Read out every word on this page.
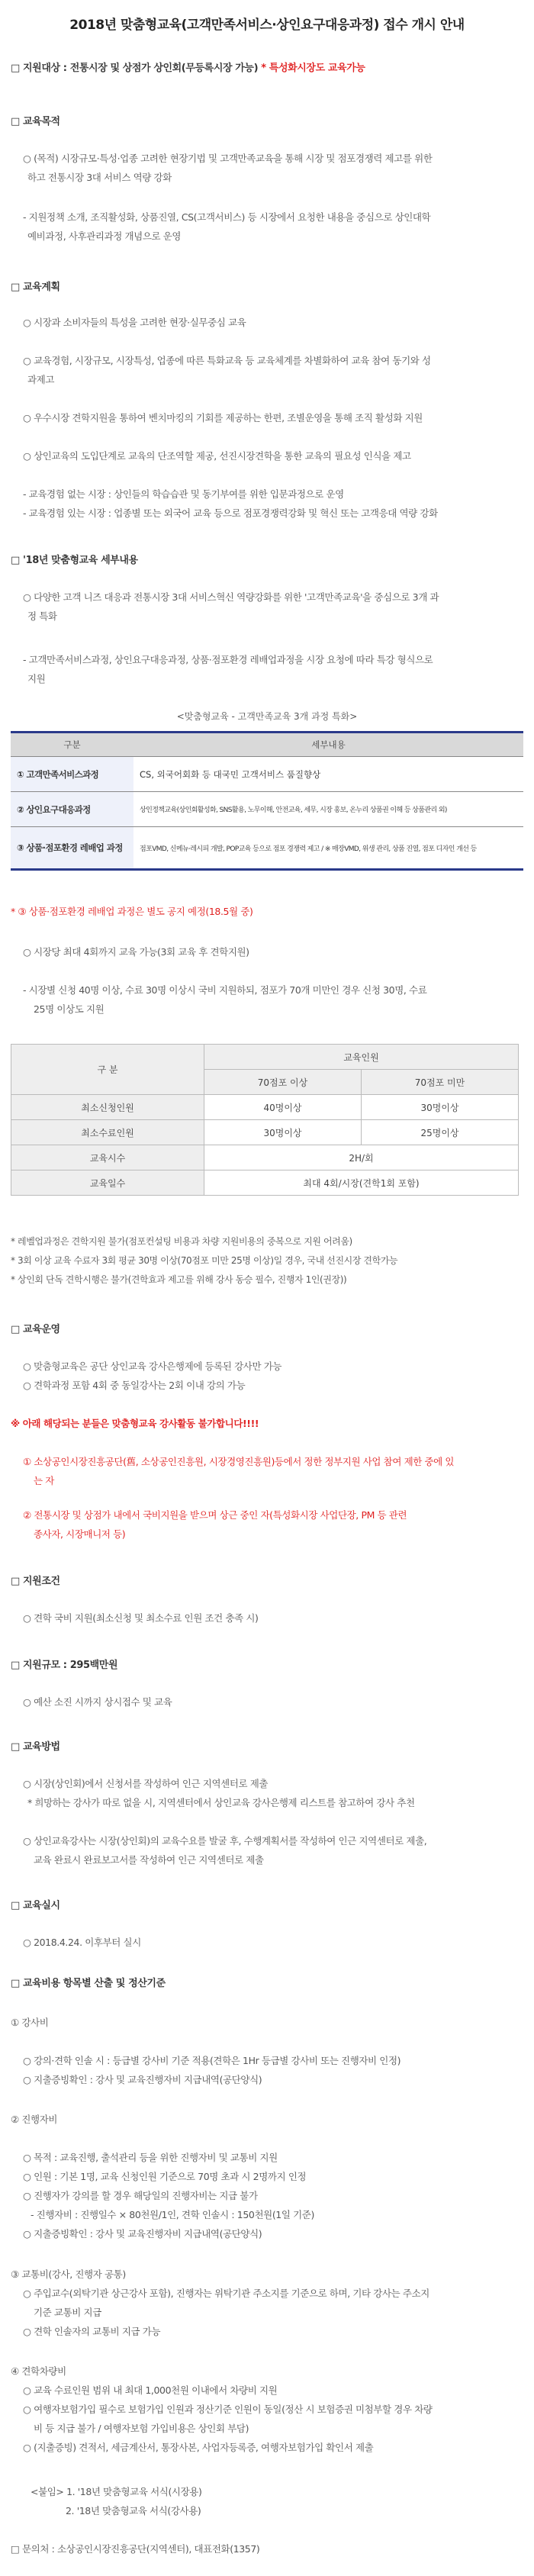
2018년 맞춤형교육(고객만족서비스·상인요구대응과정) 접수 개시 안내
□ 지원대상 : 전통시장 및 상점가 상인회(무등록시장 가능) * 특성화시장도 교육가능
□ 교육목적
○ (목적) 시장규모·특성·업종 고려한 현장기법 및 고객만족교육을 통해 시장 및 점포경쟁력 제고를 위한
하고 전통시장 3대 서비스 역량 강화
- 지원정책 소개, 조직활성화, 상품진열, CS(고객서비스) 등 시장에서 요청한 내용을 중심으로 상인대학
예비과정, 사후관리과정 개념으로 운영
□ 교육계획
○ 시장과 소비자들의 특성을 고려한 현장·실무중심 교육
○ 교육경험, 시장규모, 시장특성, 업종에 따른 특화교육 등 교육체계를 차별화하여 교육 참여 동기와 성
과제고
○ 우수시장 견학지원을 통하여 벤치마킹의 기회를 제공하는 한편, 조별운영을 통해 조직 활성화 지원
○ 상인교육의 도입단계로 교육의 단조역할 제공, 선진시장견학을 통한 교육의 필요성 인식을 제고
- 교육경험 없는 시장 : 상인들의 학습습관 및 동기부여를 위한 입문과정으로 운영
- 교육경험 있는 시장 : 업종별 또는 외국어 교육 등으로 점포경쟁력강화 및 혁신 또는 고객응대 역량 강화
□ '18년 맞춤형교육 세부내용
○ 다양한 고객 니즈 대응과 전통시장 3대 서비스혁신 역량강화를 위한 '고객만족교육'을 중심으로 3개 과
정 특화
- 고객만족서비스과정, 상인요구대응과정, 상품·점포환경 레배업과정을 시장 요청에 따라 특강 형식으로
지원
<맞춤형교육 - 고객만족교육 3개 과정 특화>
구분	세부내용
① 고객만족서비스과정	CS, 외국어회화 등 대국민 고객서비스 품질향상
② 상인요구대응과정	상인정책교육(상인회활성화, SNS활용, 노무이해, 안전교육, 세무, 시장 홍보, 온누리 상품권 이해 등 상품관리 외)
③ 상품·점포환경 레배업 과정	점포VMD, 신메뉴·레시피 개발, POP교육 등으로 점포 경쟁력 제고 / ※ 매장VMD, 위생 관리, 상품 진열, 점포 디자인 개선 등
* ③ 상품·점포환경 레배업 과정은 별도 공지 예정(18.5월 중)
○ 시장당 최대 4회까지 교육 가능(3회 교육 후 견학지원)
- 시장별 신청 40명 이상, 수료 30명 이상시 국비 지원하되, 점포가 70개 미만인 경우 신청 30명, 수료
25명 이상도 지원
구 분	교육인원	
	70점포 이상	70점포 미만
최소신청인원	40명이상	30명이상
최소수료인원	30명이상	25명이상
교육시수	2H/회	
교육일수	최대 4회/시장(견학1회 포함)	
* 레벨업과정은 견학지원 불가(점포컨설팅 비용과 차량 지원비용의 중복으로 지원 어려움)
* 3회 이상 교육 수료자 3회 평균 30명 이상(70점포 미만 25명 이상)일 경우, 국내 선진시장 견학가능
* 상인회 단독 견학시행은 불가(견학효과 제고를 위해 강사 동승 필수, 진행자 1인(권장))
□ 교육운영
○ 맞춤형교육은 공단 상인교육 강사은행제에 등록된 강사만 가능
○ 견학과정 포함 4회 중 동일강사는 2회 이내 강의 가능
※ 아래 해당되는 분들은 맞춤형교육 강사활동 불가합니다!!!!
① 소상공인시장진흥공단(舊, 소상공인진흥원, 시장경영진흥원)등에서 정한 정부지원 사업 참여 제한 중에 있
는 자
② 전통시장 및 상점가 내에서 국비지원을 받으며 상근 중인 자(특성화시장 사업단장, PM 등 관련
종사자, 시장매니저 등)
□ 지원조건
○ 견학 국비 지원(최소신청 및 최소수료 인원 조건 충족 시)
□ 지원규모 : 295백만원
○ 예산 소진 시까지 상시접수 및 교육
□ 교육방법
○ 시장(상인회)에서 신청서를 작성하여 인근 지역센터로 제출
* 희망하는 강사가 따로 없을 시, 지역센터에서 상인교육 강사은행제 리스트를 참고하여 강사 추천
○ 상인교육강사는 시장(상인회)의 교육수요를 발굴 후, 수행계획서를 작성하여 인근 지역센터로 제출,
교육 완료시 완료보고서를 작성하여 인근 지역센터로 제출
□ 교육실시
○ 2018.4.24. 이후부터 실시
□ 교육비용 항목별 산출 및 정산기준
① 강사비
○ 강의·견학 인솔 시 : 등급별 강사비 기준 적용(견학은 1Hr 등급별 강사비 또는 진행자비 인정)
○ 지출증빙확인 : 강사 및 교육진행자비 지급내역(공단양식)
② 진행자비
○ 목적 : 교육진행, 출석관리 등을 위한 진행자비 및 교통비 지원
○ 인원 : 기본 1명, 교육 신청인원 기준으로 70명 초과 시 2명까지 인정
○ 진행자가 강의를 할 경우 해당일의 진행자비는 지급 불가
- 진행자비 : 진행일수 × 80천원/1인, 견학 인솔시 : 150천원(1일 기준)
○ 지출증빙확인 : 강사 및 교육진행자비 지급내역(공단양식)
③ 교통비(강사, 진행자 공통)
○ 주입교수(외탁기관 상근강사 포함), 진행자는 위탁기관 주소지를 기준으로 하며, 기타 강사는 주소지
기준 교통비 지급
○ 견학 인솔자의 교통비 지급 가능
④ 견학차량비
○ 교육 수료인원 범위 내 최대 1,000천원 이내에서 차량비 지원
○ 여행자보험가입 필수로 보험가입 인원과 정산기준 인원이 동일(정산 시 보험증권 미첨부할 경우 차량
비 등 지급 불가 / 여행자보험 가입비용은 상인회 부담)
○ (지출증빙) 견적서, 세금계산서, 통장사본, 사업자등록증, 여행자보험가입 확인서 제출
<붙임> 1. '18년 맞춤형교육 서식(시장용)
2. '18년 맞춤형교육 서식(강사용)
□ 문의처 : 소상공인시장진흥공단(지역센터), 대표전화(1357)
